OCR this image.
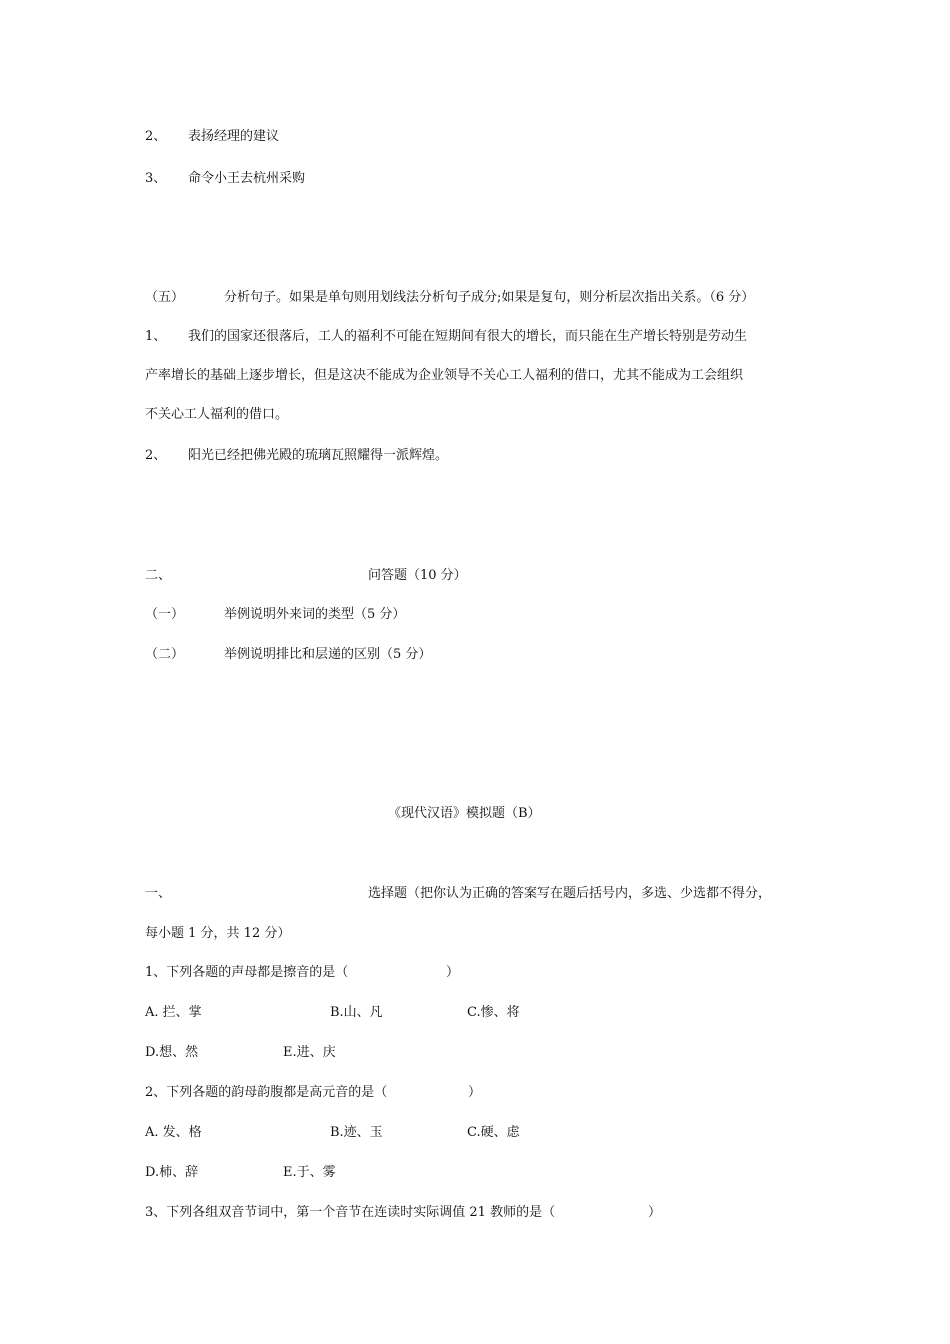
2、 表扬经理的建议
3、 命令小王去杭州采购
（五）	分析句子。如果是单句则用划线法分析句子成分;如果是复句，则分析层次指出关系。（6 分）
1、 我们的国家还很落后，工人的福利不可能在短期间有很大的增长，而只能在生产增长特别是劳动生
产率增长的基础上逐步增长，但是这决不能成为企业领导不关心工人福利的借口，尤其不能成为工会组织
不关心工人福利的借口。
2、 阳光已经把佛光殿的琉璃瓦照耀得一派辉煌。
二、	问答题（10 分）
（一）	举例说明外来词的类型（5 分）
（二）	举例说明排比和层递的区别（5 分）
《现代汉语》模拟题（B）
一、	选择题（把你认为正确的答案写在题后括号内，多选、少选都不得分，
每小题 1 分，共 12 分）
1、下列各题的声母都是擦音的是（	）
A. 拦、掌	B.山、凡	C.惨、将
D.想、然	E.进、庆
2、下列各题的韵母韵腹都是高元音的是（	）
A. 发、格	B.迹、玉	C.硬、虑
D.柿、辞	E.于、雾
3、下列各组双音节词中，第一个音节在连读时实际调值 21 教师的是（	）
